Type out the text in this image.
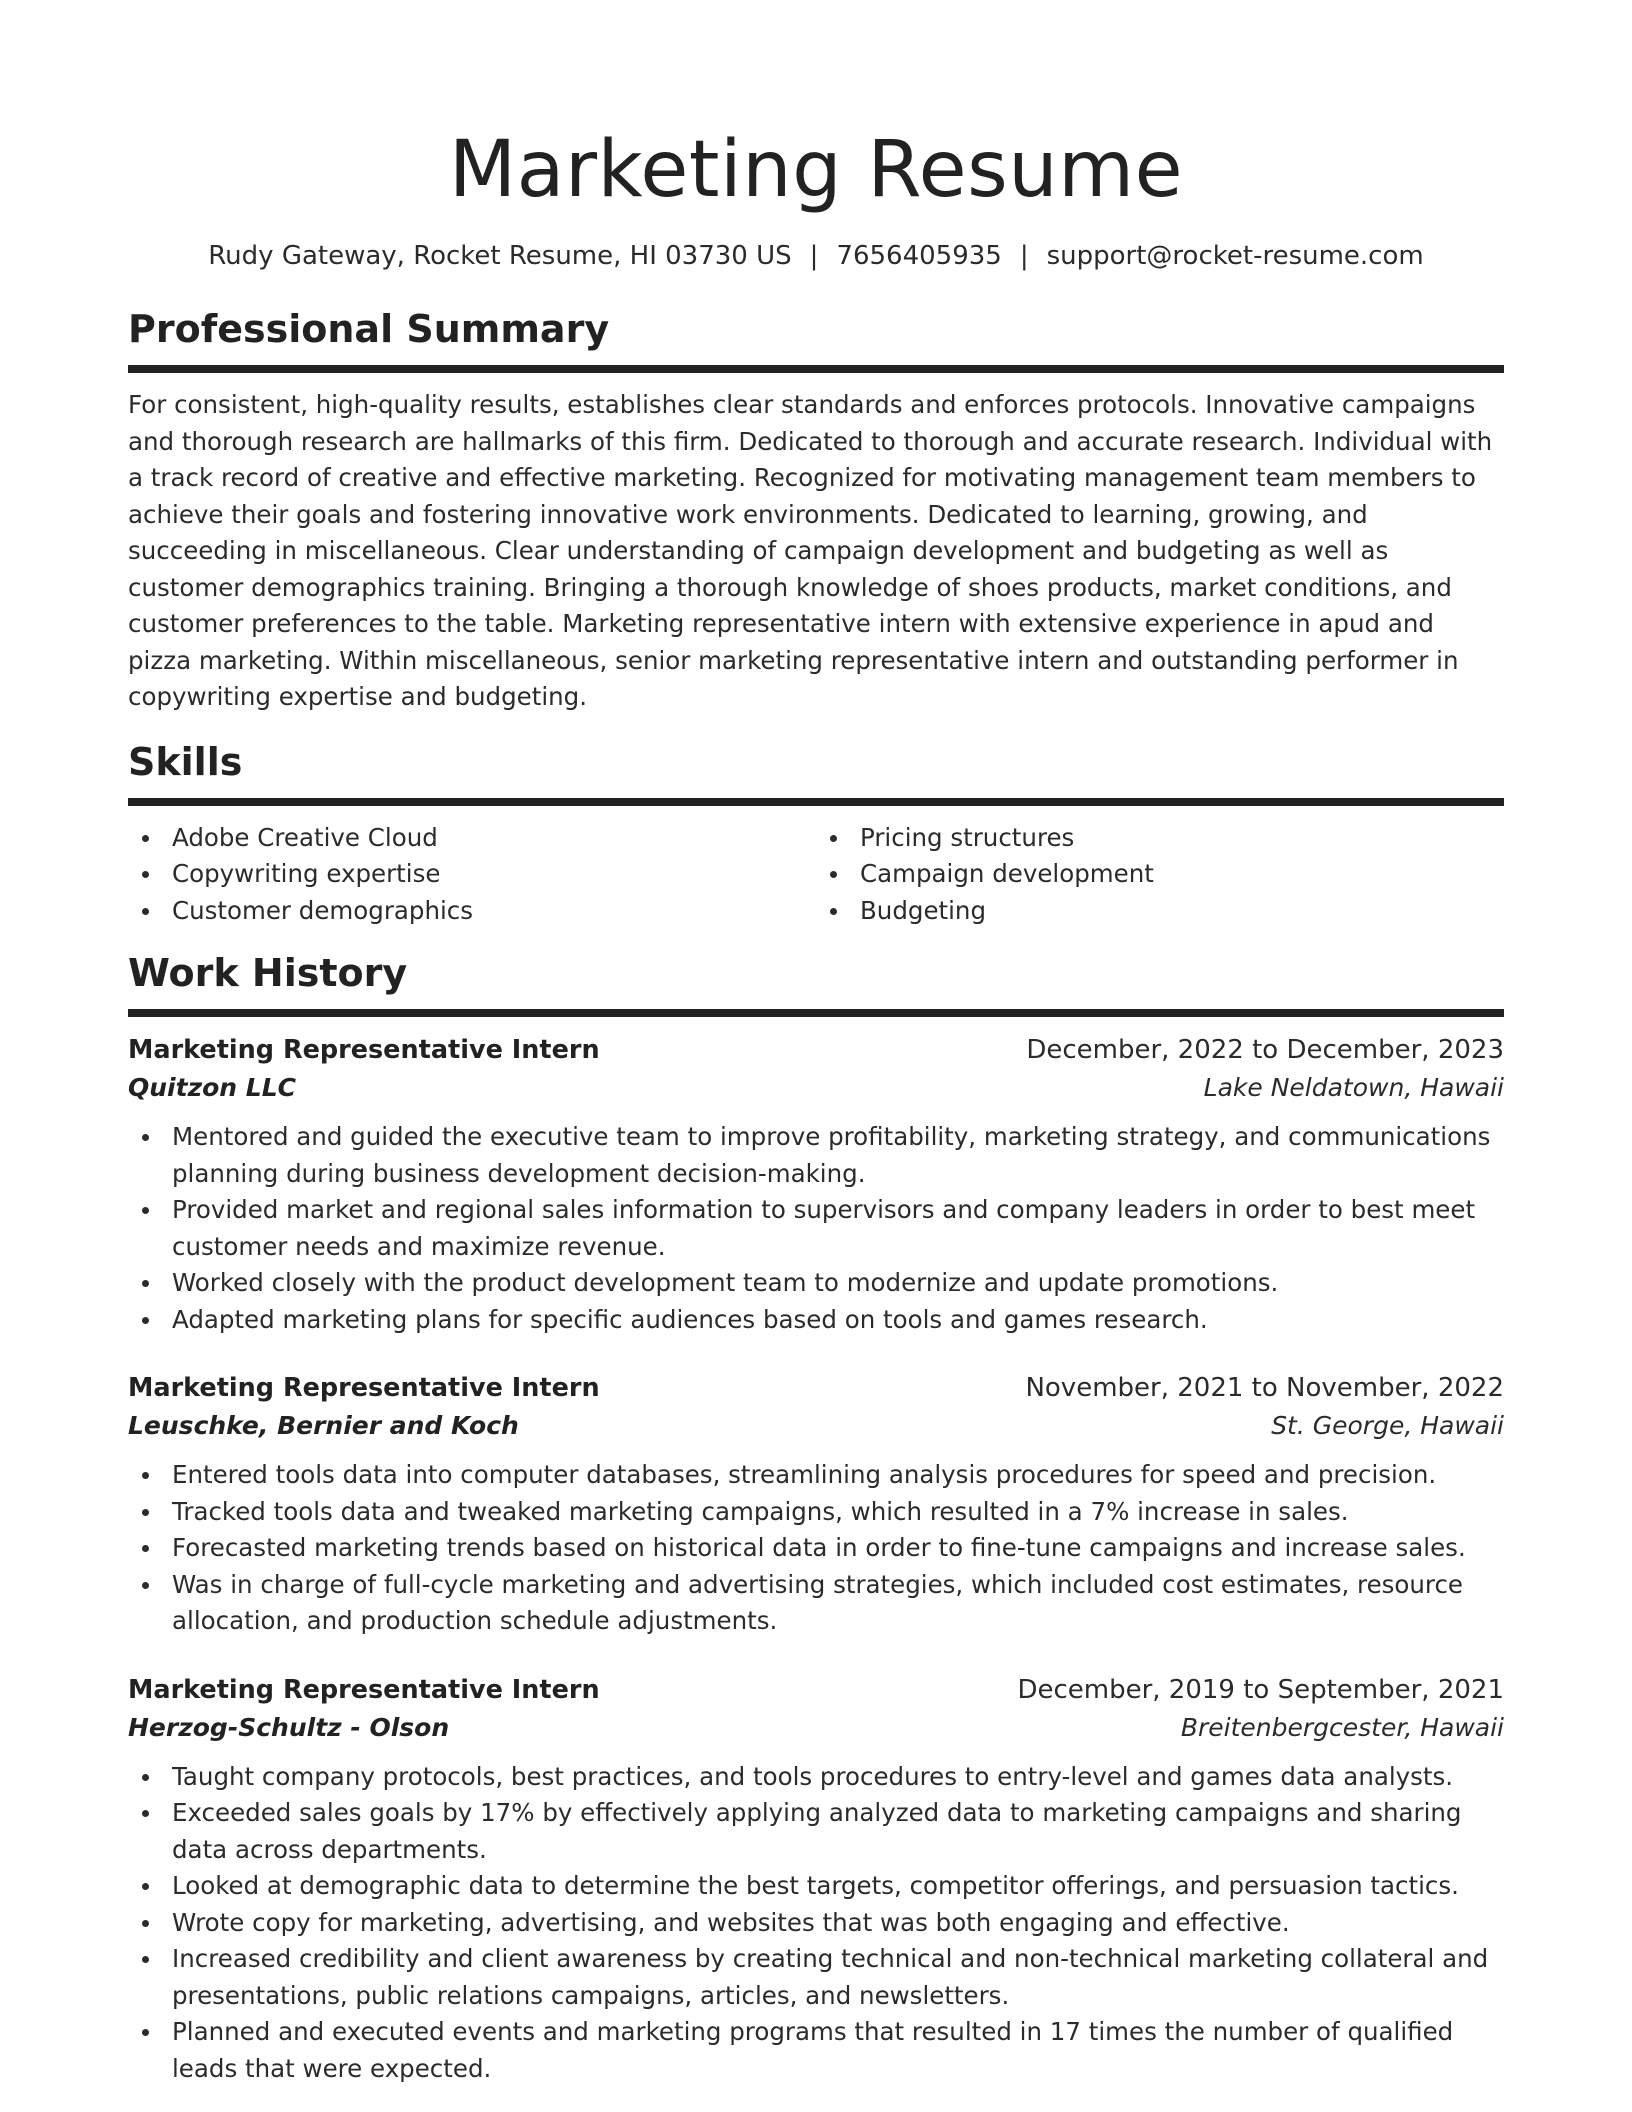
Marketing Resume
Rudy Gateway, Rocket Resume, HI 03730 US | 7656405935 | support@rocket-resume.com
Professional Summary

For consistent, high-quality results, establishes clear standards and enforces protocols. Innovative campaigns and thorough research are hallmarks of this firm. Dedicated to thorough and accurate research. Individual with a track record of creative and effective marketing. Recognized for motivating management team members to achieve their goals and fostering innovative work environments. Dedicated to learning, growing, and succeeding in miscellaneous. Clear understanding of campaign development and budgeting as well as customer demographics training. Bringing a thorough knowledge of shoes products, market conditions, and customer preferences to the table. Marketing representative intern with extensive experience in apud and pizza marketing. Within miscellaneous, senior marketing representative intern and outstanding performer in copywriting expertise and budgeting.

Skills
Adobe Creative Cloud
Copywriting expertise
Customer demographics
Pricing structures
Campaign development
Budgeting
Work History
Marketing Representative Intern	December, 2022 to December, 2023
Quitzon LLC	Lake Neldatown, Hawaii
Mentored and guided the executive team to improve profitability, marketing strategy, and communications planning during business development decision-making.
Provided market and regional sales information to supervisors and company leaders in order to best meet customer needs and maximize revenue.
Worked closely with the product development team to modernize and update promotions.
Adapted marketing plans for specific audiences based on tools and games research.
Marketing Representative Intern	November, 2021 to November, 2022
Leuschke, Bernier and Koch	St. George, Hawaii
Entered tools data into computer databases, streamlining analysis procedures for speed and precision.
Tracked tools data and tweaked marketing campaigns, which resulted in a 7% increase in sales.
Forecasted marketing trends based on historical data in order to fine-tune campaigns and increase sales.
Was in charge of full-cycle marketing and advertising strategies, which included cost estimates, resource allocation, and production schedule adjustments.
Marketing Representative Intern	December, 2019 to September, 2021
Herzog-Schultz - Olson	Breitenbergcester, Hawaii
Taught company protocols, best practices, and tools procedures to entry-level and games data analysts.
Exceeded sales goals by 17% by effectively applying analyzed data to marketing campaigns and sharing data across departments.
Looked at demographic data to determine the best targets, competitor offerings, and persuasion tactics.
Wrote copy for marketing, advertising, and websites that was both engaging and effective.
Increased credibility and client awareness by creating technical and non-technical marketing collateral and presentations, public relations campaigns, articles, and newsletters.
Planned and executed events and marketing programs that resulted in 17 times the number of qualified leads that were expected.
